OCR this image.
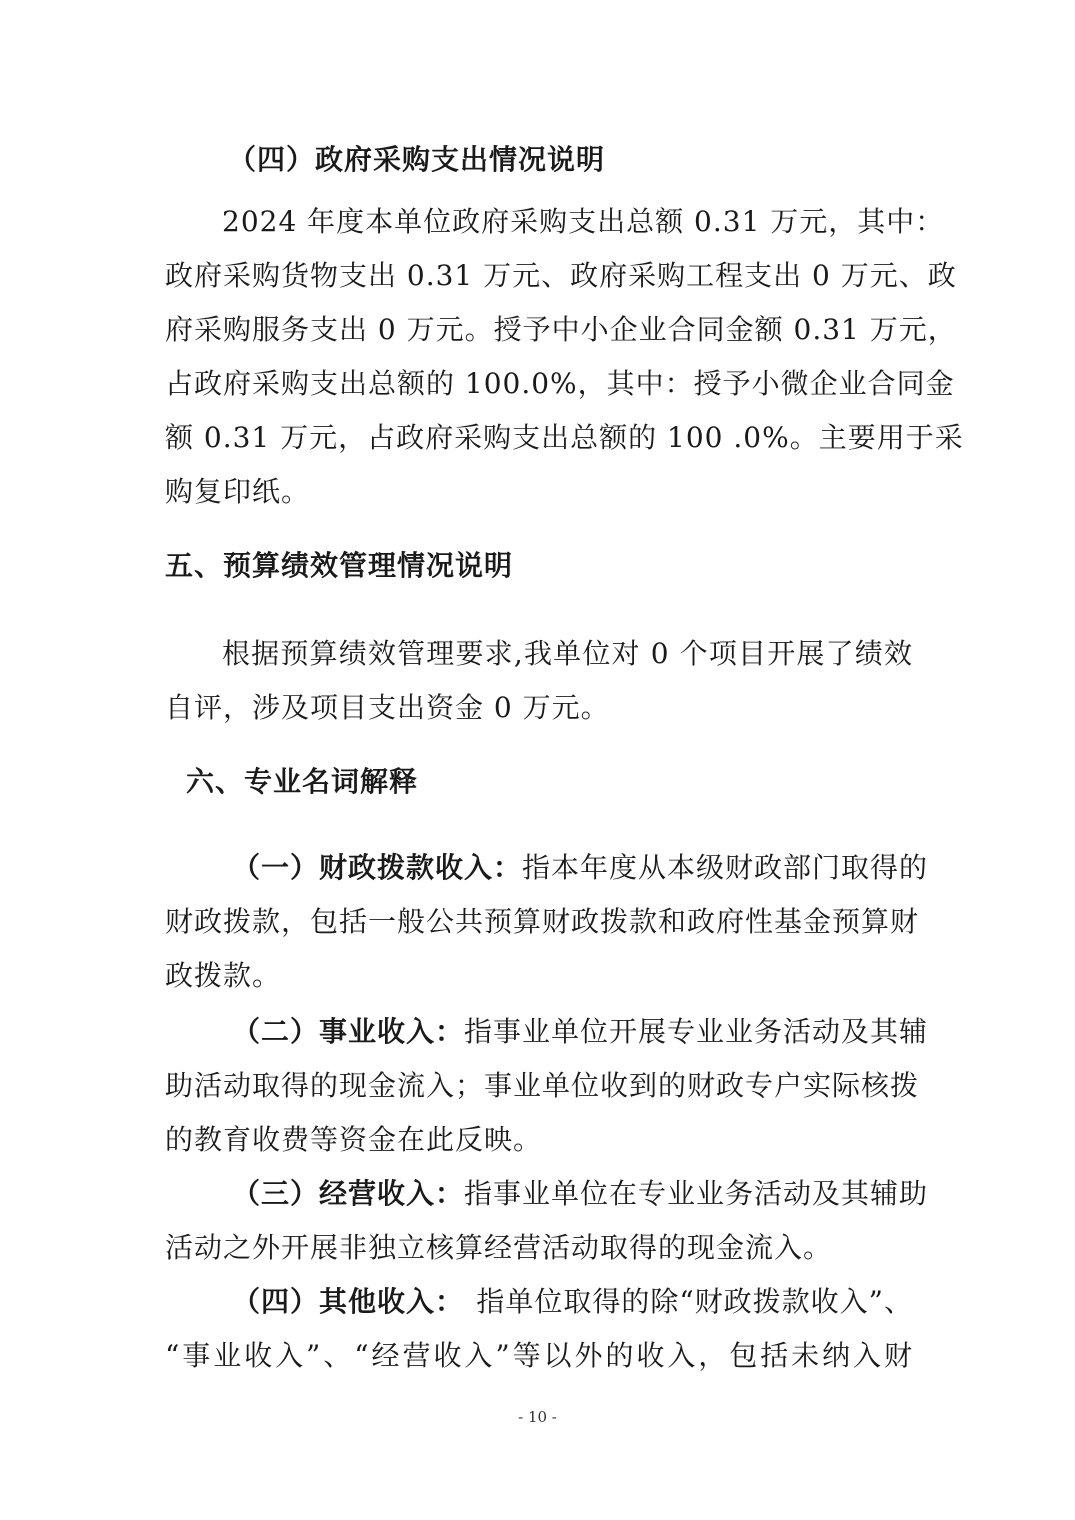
（四）政府采购支出情况说明
2024 年度本单位政府采购支出总额 0.31 万元，其中：
政府采购货物支出 0.31 万元、政府采购工程支出 0 万元、政
府采购服务支出 0 万元。授予中小企业合同金额 0.31 万元，
占政府采购支出总额的 100.0%，其中：授予小微企业合同金
额 0.31 万元，占政府采购支出总额的 100 .0%。主要用于采
购复印纸。
五、预算绩效管理情况说明
根据预算绩效管理要求,我单位对 0 个项目开展了绩效
自评，涉及项目支出资金 0 万元。
六、专业名词解释
（一）财政拨款收入： 指本年度从本级财政部门取得的
财政拨款，包括一般公共预算财政拨款和政府性基金预算财
政拨款。
（二）事业收入： 指事业单位开展专业业务活动及其辅
助活动取得的现金流入；事业单位收到的财政专户实际核拨
的教育收费等资金在此反映。
（三）经营收入： 指事业单位在专业业务活动及其辅助
活动之外开展非独立核算经营活动取得的现金流入。
（四）其他收入： 指单位取得的除“财政拨款收入”、
“事业收入”、“经营收入”等以外的收入，包括未纳入财
- 10 -
